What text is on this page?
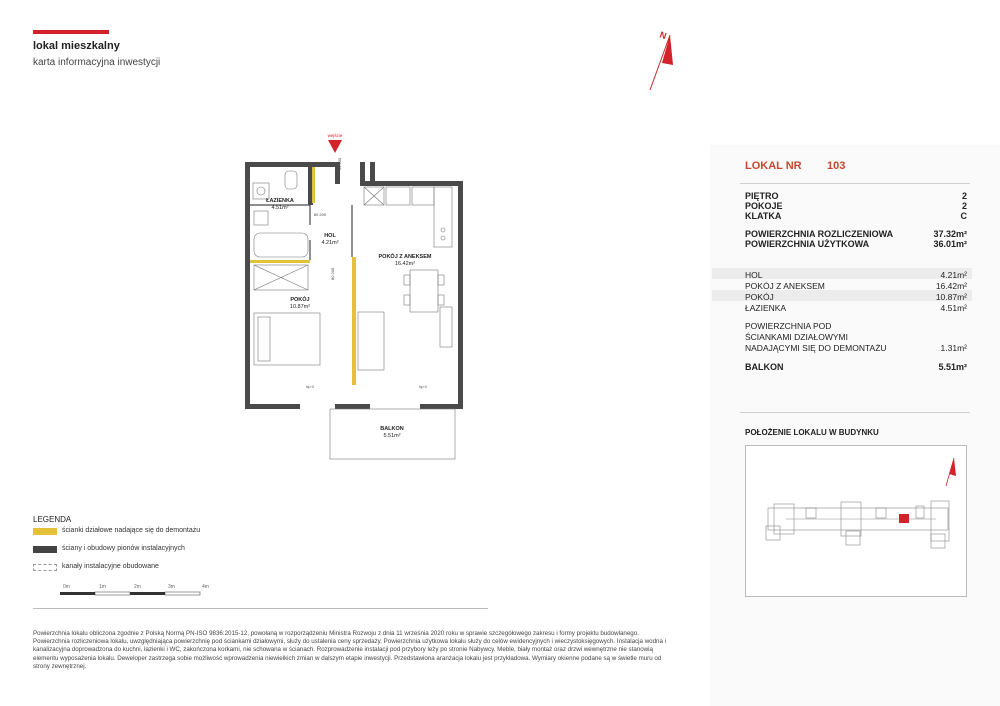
lokal mieszkalny
karta informacyjna inwestycji
N
LOKAL NR 103
PIĘTRO	2
POKOJE	2
KLATKA	C
POWIERZCHNIA ROZLICZENIOWA	37.32m²
POWIERZCHNIA UŻYTKOWA	36.01m²
HOL	4.21m²
POKÓJ Z ANEKSEM	16.42m²
POKÓJ	10.87m²
ŁAZIENKA	4.51m²
POWIERZCHNIA POD
ŚCIANKAMI DZIAŁOWYMI
NADAJĄCYMI SIĘ DO DEMONTAŻU	1.31m²
BALKON	5.51m²
POŁOŻENIE LOKALU W BUDYNKU
wejście
ŁAZIENKA
4.51m²
HOL
4.21m²
POKÓJ Z ANEKSEM
16.42m²
POKÓJ
10.87m²
BALKON
5.51m²
80 200
hp 0	hp 0
90 200
80 200
LEGENDA
ścianki działowe nadające się do demontażu
ściany i obudowy pionów instalacyjnych
kanały instalacyjne obudowane
0m	1m	2m	3m	4m
Powierzchnia lokalu obliczona zgodnie z Polską Normą PN-ISO 9836:2015-12, powołaną w rozporządzeniu Ministra Rozwoju z dnia 11 września 2020 roku w sprawie szczegółowego zakresu i formy projektu budowlanego. Powierzchnia rozliczeniowa lokalu, uwzględniająca powierzchnię pod ściankami działowymi, służy do ustalenia ceny sprzedaży. Powierzchnia użytkowa lokalu służy do celów ewidencyjnych i wieczystoksięgowych. Instalacja wodna i kanalizacyjna doprowadzona do kuchni, łazienki i WC, zakończona korkami, nie schowana w ścianach. Rozprowadzenie instalacji pod przybory leży po stronie Nabywcy. Meble, biały montaż oraz drzwi wewnętrzne nie stanowią elementu wyposażenia lokalu. Deweloper zastrzega sobie możliwość wprowadzenia niewielkich zmian w dalszym etapie inwestycji. Przedstawiona aranżacja lokalu jest przykładowa. Wymiary okienne podane są w świetle muru od strony zewnętrznej.
